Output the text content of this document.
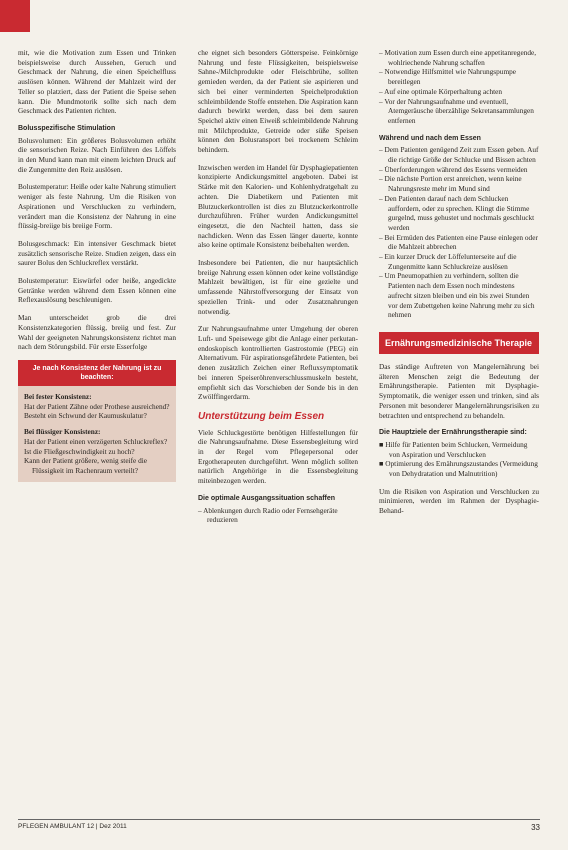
mit, wie die Motivation zum Essen und Trinken beispielsweise durch Aussehen, Geruch und Geschmack der Nahrung, die einen Speichelfluss auslösen können. Während der Mahlzeit wird der Teller so platziert, dass der Patient die Speise sehen kann. Die Mundmotorik sollte sich nach dem Geschmack des Patienten richten.

Bolusspezifische Stimulation

Bolusvolumen: Ein größeres Bolusvolumen erhöht die sensorischen Reize. Nach Einführen des Löffels in den Mund kann man mit einem leichten Druck auf die Zungenmitte den Reiz auslösen.

Bolustemperatur: Heiße oder kalte Nahrung stimuliert weniger als feste Nahrung. Um die Risiken von Aspirationen und Verschlucken zu verhindern, verändert man die Konsistenz der Nahrung in eine flüssig-breiige bis breiige Form.

Bolusgeschmack: Ein intensiver Geschmack bietet zusätzlich sensorische Reize. Studien zeigen, dass ein saurer Bolus den Schluckreflex verstärkt.

Bolustemperatur: Eiswürfel oder heiße, angedickte Getränke werden während dem Essen können eine Reflexauslösung beschleunigen.

Man unterscheidet grob die drei Konsistenzkategorien flüssig, breiig und fest. Zur Wahl der geeigneten Nahrungskonsistenz richtet man nach dem Störungsbild. Für erste Esserfolge

Je nach Konsistenz der Nahrung ist zu beachten:
Bei fester Konsistenz:
Hat der Patient Zähne oder Prothese ausreichend?
Besteht ein Schwund der Kaumuskulatur?
Bei flüssiger Konsistenz:
Hat der Patient einen verzögerten Schluckreflex?
Ist die Fließgeschwindigkeit zu hoch?
Kann der Patient größere, wenig steife die Flüssigkeit im Rachenraum verteilt?

che eignet sich besonders Götterspeise. Feinkörnige Nahrung und feste Flüssigkeiten, beispielsweise Sahne-/Milchprodukte oder Fleischbrühe, sollten gemieden werden, da der Patient sie aspirieren und sich bei einer verminderten Speichelproduktion schleimbildende Stoffe entstehen. Die Aspiration kann dadurch bewirkt werden, dass bei dem sauren Speichel aktiv einen Eiweiß schleimbildende Nahrung mit Milchprodukte, Getreide oder süße Speisen können den Bolusransport bei trockenem Schleim behindern.

Inzwischen werden im Handel für Dysphagiepatienten konzipierte Andickungsmittel angeboten. Dabei ist Stärke mit den Kalorien- und Kohlenhydratgehalt zu achten. Die Diabetikern und Patienten mit Blutzuckerkontrollen ist dies zu Blutzuckerkontrolle durchzuführen. Früher wurden Andickungsmittel eingesetzt, die den Nachteil hatten, dass sie nachdicken. Wenn das Essen länger dauerte, konnte also keine optimale Konsistenz beibehalten werden.

Insbesondere bei Patienten, die nur hauptsächlich breiige Nahrung essen können oder keine vollständige Mahlzeit bewältigen, ist für eine gezielte und umfassende Nährstoffversorgung der Einsatz von speziellen Trink- und oder Zusatznahrungen notwendig.

Zur Nahrungsaufnahme unter Umgehung der oberen Luft- und Speisewege gibt die Anlage einer perkutan-endoskopisch kontrollierten Gastrostomie (PEG) ein Alternativum. Für aspirationsgefährdete Patienten, bei denen zusätzlich Zeichen einer Refluxsymptomatik bei inneren Speiseröhrenverschlussmuskeln besteht, empfiehlt sich das Vorschieben der Sonde bis in den Zwölffingerdarm.

Unterstützung beim Essen

Viele Schluckgestörte benötigen Hilfestellungen für die Nahrungsaufnahme. Diese Essensbegleitung wird in der Regel vom Pflegepersonal oder Ergotherapeuten durchgeführt. Wenn möglich sollten natürlich Angehörige in die Essensbegleitung miteinbezogen werden.

Die optimale Ausgangssituation schaffen
– Ablenkungen durch Radio oder Fernsehgeräte reduzieren
– Motivation zum Essen durch eine appetitanregende, wohlriechende Nahrung schaffen
– Notwendige Hilfsmittel wie Nahrungspumpe bereitlegen
– Auf eine optimale Körperhaltung achten
– Vor der Nahrungsaufnahme und eventuell, Atemgeräusche überzählige Sekretansammlungen entfernen
Während und nach dem Essen
– Dem Patienten genügend Zeit zum Essen geben. Auf die richtige Größe der Schlucke und Bissen achten
– Überforderungen während des Essens vermeiden
– Die nächste Portion erst anreichen, wenn keine Nahrungsreste mehr im Mund sind
– Den Patienten darauf nach dem Schlucken auffordern, oder zu sprechen. Klingt die Stimme gurgelnd, muss gehustet und nochmals geschluckt werden
– Bei Ermüden des Patienten eine Pause einlegen oder die Mahlzeit abbrechen
– Ein kurzer Druck der Löffelunterseite auf die Zungenmitte kann Schluckreize auslösen
– Um Pneumopathien zu verhindern, sollten die Patienten nach dem Essen noch mindestens aufrecht sitzen bleiben und ein bis zwei Stunden vor dem Zubettgehen keine Nahrung mehr zu sich nehmen
Ernährungsmedizinische Therapie

Das ständige Auftreten von Mangelernährung bei älteren Menschen zeigt die Bedeutung der Ernährungstherapie. Patienten mit Dysphagie-Symptomatik, die weniger essen und trinken, sind als Personen mit besonderer Mangelernährungsrisiken zu betrachten und entsprechend zu behandeln.

Die Hauptziele der Ernährungstherapie sind:
■ Hilfe für Patienten beim Schlucken, Vermeidung von Aspiration und Verschlucken
■ Optimierung des Ernährungszustandes (Vermeidung von Dehydratation und Malnutrition)

Um die Risiken von Aspiration und Verschlucken zu minimieren, werden im Rahmen der Dysphagie-Behand-

PFLEGEN AMBULANT 12 | Dez 2011	33
